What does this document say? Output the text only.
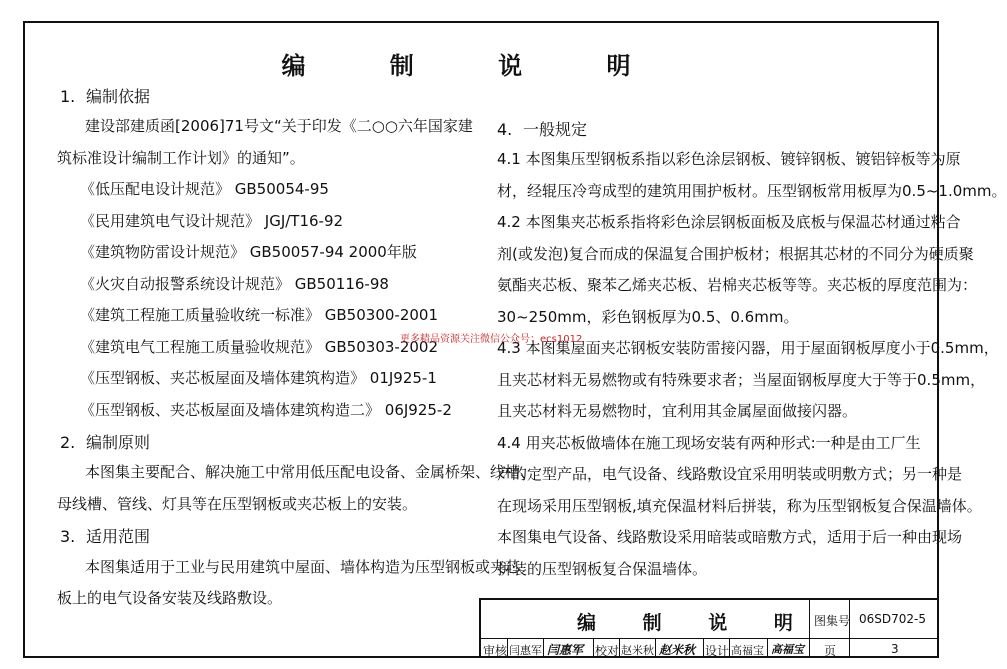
编 制 说 明
1. 编制依据
建设部建质函[2006]71号文“关于印发《二○○六年国家建
筑标准设计编制工作计划》的通知”。
《低压配电设计规范》 GB50054-95
《民用建筑电气设计规范》 JGJ/T16-92
《建筑物防雷设计规范》 GB50057-94 2000年版
《火灾自动报警系统设计规范》 GB50116-98
《建筑工程施工质量验收统一标准》 GB50300-2001
《建筑电气工程施工质量验收规范》 GB50303-2002
《压型钢板、夹芯板屋面及墙体建筑构造》 01J925-1
《压型钢板、夹芯板屋面及墙体建筑构造二》 06J925-2
2. 编制原则
本图集主要配合、解决施工中常用低压配电设备、金属桥架、线槽、
母线槽、管线、灯具等在压型钢板或夹芯板上的安装。
3. 适用范围
本图集适用于工业与民用建筑中屋面、墙体构造为压型钢板或夹芯
板上的电气设备安装及线路敷设。
4. 一般规定
4.1 本图集压型钢板系指以彩色涂层钢板、镀锌钢板、镀铝锌板等为原
材，经辊压冷弯成型的建筑用围护板材。压型钢板常用板厚为0.5~1.0mm。
4.2 本图集夹芯板系指将彩色涂层钢板面板及底板与保温芯材通过粘合
剂(或发泡)复合而成的保温复合围护板材；根据其芯材的不同分为硬质聚
氨酯夹芯板、聚苯乙烯夹芯板、岩棉夹芯板等等。夹芯板的厚度范围为：
30~250mm，彩色钢板厚为0.5、0.6mm。
4.3 本图集屋面夹芯钢板安装防雷接闪器，用于屋面钢板厚度小于0.5mm，
且夹芯材料无易燃物或有特殊要求者；当屋面钢板厚度大于等于0.5mm，
且夹芯材料无易燃物时，宜利用其金属屋面做接闪器。
4.4 用夹芯板做墙体在施工现场安装有两种形式:一种是由工厂生
产的定型产品，电气设备、线路敷设宜采用明装或明敷方式；另一种是
在现场采用压型钢板,填充保温材料后拼装，称为压型钢板复合保温墙体。
本图集电气设备、线路敷设采用暗装或暗敷方式，适用于后一种由现场
拼装的压型钢板复合保温墙体。
更多精品资源关注微信公众号：ecs1012
编 制 说 明 图集号 06SD702-5
审核 闫惠军 闫惠军 校对 赵米秋 赵米秋 设计 高福宝 高福宝 页	3
